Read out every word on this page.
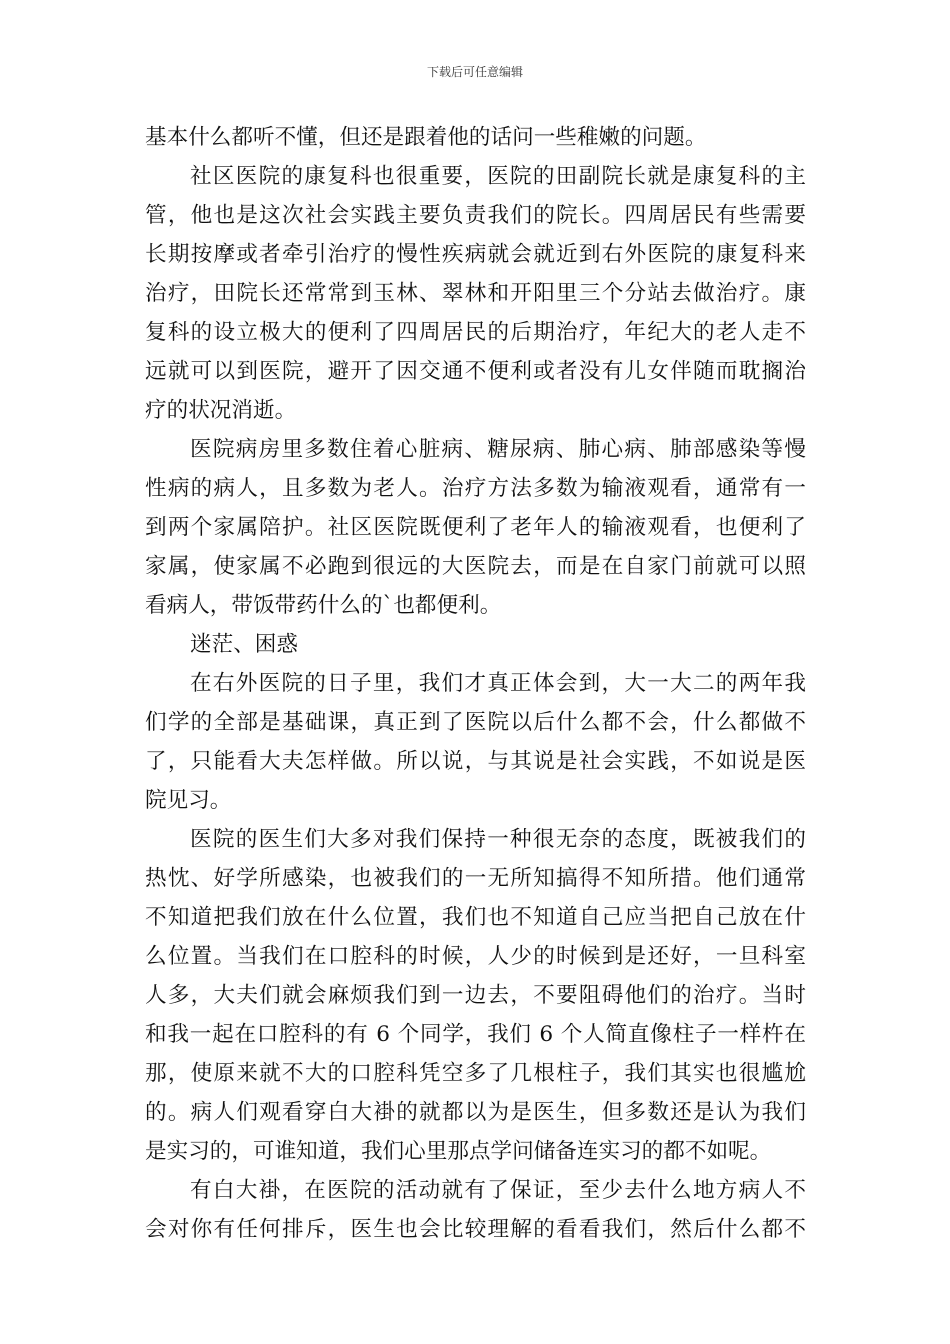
下载后可任意编辑
基本什么都听不懂，但还是跟着他的话问一些稚嫩的问题。
社区医院的康复科也很重要，医院的田副院长就是康复科的主
管，他也是这次社会实践主要负责我们的院长。四周居民有些需要
长期按摩或者牵引治疗的慢性疾病就会就近到右外医院的康复科来
治疗，田院长还常常到玉林、翠林和开阳里三个分站去做治疗。康
复科的设立极大的便利了四周居民的后期治疗，年纪大的老人走不
远就可以到医院，避开了因交通不便利或者没有儿女伴随而耽搁治
疗的状况消逝。
医院病房里多数住着心脏病、糖尿病、肺心病、肺部感染等慢
性病的病人，且多数为老人。治疗方法多数为输液观看，通常有一
到两个家属陪护。社区医院既便利了老年人的输液观看，也便利了
家属，使家属不必跑到很远的大医院去，而是在自家门前就可以照
看病人，带饭带药什么的`也都便利。
迷茫、困惑
在右外医院的日子里，我们才真正体会到，大一大二的两年我
们学的全部是基础课，真正到了医院以后什么都不会，什么都做不
了，只能看大夫怎样做。所以说，与其说是社会实践，不如说是医
院见习。
医院的医生们大多对我们保持一种很无奈的态度，既被我们的
热忱、好学所感染，也被我们的一无所知搞得不知所措。他们通常
不知道把我们放在什么位置，我们也不知道自己应当把自己放在什
么位置。当我们在口腔科的时候，人少的时候到是还好，一旦科室
人多，大夫们就会麻烦我们到一边去，不要阻碍他们的治疗。当时
和我一起在口腔科的有 6 个同学，我们 6 个人简直像柱子一样杵在
那，使原来就不大的口腔科凭空多了几根柱子，我们其实也很尴尬
的。病人们观看穿白大褂的就都以为是医生，但多数还是认为我们
是实习的，可谁知道，我们心里那点学问储备连实习的都不如呢。
有白大褂，在医院的活动就有了保证，至少去什么地方病人不
会对你有任何排斥，医生也会比较理解的看看我们，然后什么都不
